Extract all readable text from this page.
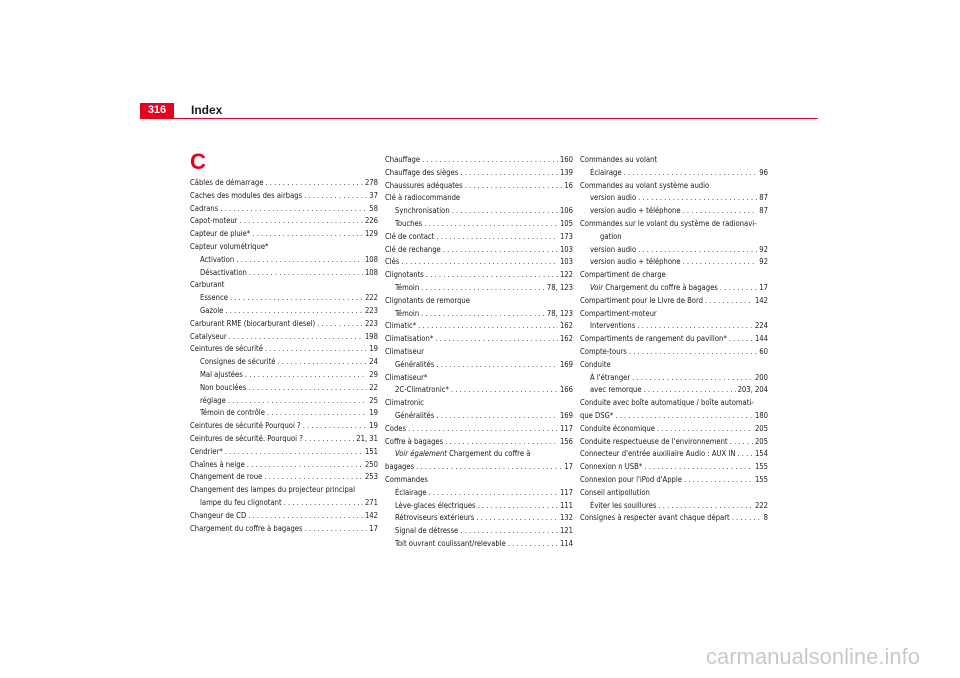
316	Index
C
Câbles de démarrage . . .	278
Caches des modules des airbags . . .	37
Cadrans . . .	58
Capot-moteur . . .	226
Capteur de pluie* . . .	129
Capteur volumétrique*
Activation . . .	108
Désactivation . . .	108
Carburant
Essence . . .	222
Gazole . . .	223
Carburant RME (biocarburant diesel) . . .	223
Catalyseur . . .	198
Ceintures de sécurité . . .	19
Consignes de sécurité . . .	24
Mal ajustées . . .	29
Non bouclées . . .	22
réglage . . .	25
Témoin de contrôle . . .	19
Ceintures de sécurité Pourquoi ? . . .	19
Ceintures de sécurité. Pourquoi ? . . .	21, 31
Cendrier* . . .	151
Chaînes à neige . . .	250
Changement de roue . . .	253
Changement des lampes du projecteur principal
lampe du feu clignotant . . .	271
Changeur de CD . . .	142
Chargement du coffre à bagages . . .	17
Chauffage . . .	160
Chauffage des sièges . . .	139
Chaussures adéquates . . .	16
Clé à radiocommande
Synchronisation . . .	106
Touches . . .	105
Clé de contact . . .	173
Clé de rechange . . .	103
Clés . . .	103
Clignotants . . .	122
Témoin . . .	78, 123
Clignotants de remorque
Témoin . . .	78, 123
Climatic* . . .	162
Climatisation* . . .	162
Climatiseur
Généralités . . .	169
Climatiseur*
2C-Climatronic* . . .	166
Climatronic
Généralités . . .	169
Codes . . .	117
Coffre à bagages . . .	156
Voir également Chargement du coffre à
bagages . . .	17
Commandes
Éclairage . . .	117
Lève-glaces électriques . . .	111
Rétroviseurs extérieurs . . .	132
Signal de détresse . . .	121
Toit ouvrant coulissant/relevable . . .	114
Commandes au volant
Éclairage . . .	96
Commandes au volant système audio
version audio . . .	87
version audio + téléphone . . .	87
Commandes sur le volant du système de radionavi-
gation
version audio . . .	92
version audio + téléphone . . .	92
Compartiment de charge
Voir Chargement du coffre à bagages . . .	17
Compartiment pour le Livre de Bord . . .	142
Compartiment-moteur
Interventions . . .	224
Compartiments de rangement du pavillon* . . .	144
Compte-tours . . .	60
Conduite
À l'étranger . . .	200
avec remorque . . .	203, 204
Conduite avec boîte automatique / boîte automati-
que DSG* . . .	180
Conduite économique . . .	205
Conduite respectueuse de l'environnement . . .	205
Connecteur d'entrée auxiliaire Audio : AUX IN . . .	154
Connexion n USB* . . .	155
Connexion pour l'iPod d'Apple . . .	155
Conseil antipollution
Éviter les souillures . . .	222
Consignes à respecter avant chaque départ . . .	8
carmanualsonline.info
